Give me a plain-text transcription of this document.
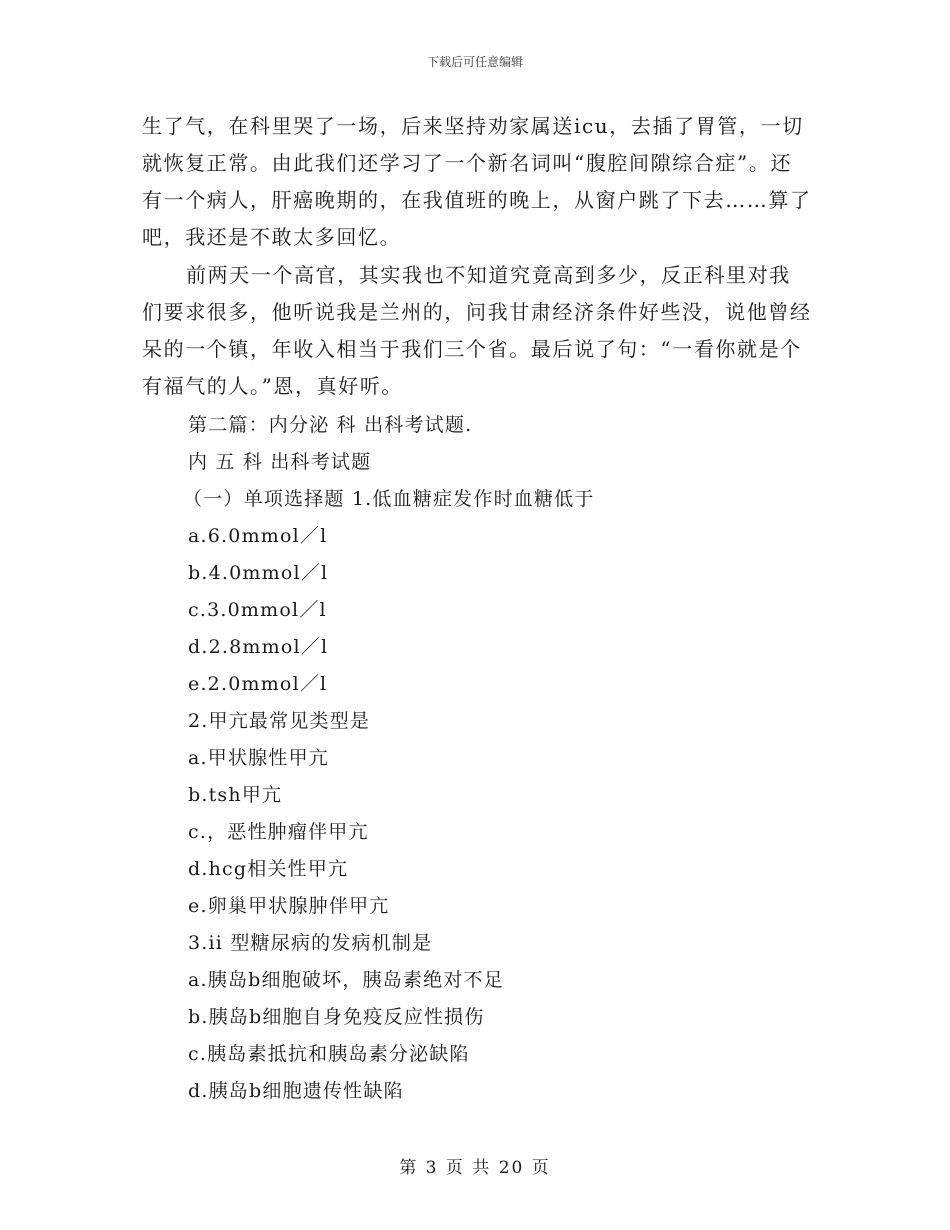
下载后可任意编辑

生了气，在科里哭了一场，后来坚持劝家属送icu，去插了胃管，一切就恢复正常。由此我们还学习了一个新名词叫“腹腔间隙综合症”。还有一个病人，肝癌晚期的，在我值班的晚上，从窗户跳了下去……算了吧，我还是不敢太多回忆。

前两天一个高官，其实我也不知道究竟高到多少，反正科里对我们要求很多，他听说我是兰州的，问我甘肃经济条件好些没，说他曾经呆的一个镇，年收入相当于我们三个省。最后说了句：“一看你就是个有福气的人。”恩，真好听。

第二篇：内分泌 科 出科考试题.
内 五 科 出科考试题
（一）单项选择题 1.低血糖症发作时血糖低于
a.6.0mmol／l
b.4.0mmol／l
c.3.0mmol／l
d.2.8mmol／l
e.2.0mmol／l
2.甲亢最常见类型是
a.甲状腺性甲亢
b.tsh甲亢
c.，恶性肿瘤伴甲亢
d.hcg相关性甲亢
e.卵巢甲状腺肿伴甲亢
3.ii 型糖尿病的发病机制是
a.胰岛b细胞破坏，胰岛素绝对不足
b.胰岛b细胞自身免疫反应性损伤
c.胰岛素抵抗和胰岛素分泌缺陷
d.胰岛b细胞遗传性缺陷
第 3 页 共 20 页
